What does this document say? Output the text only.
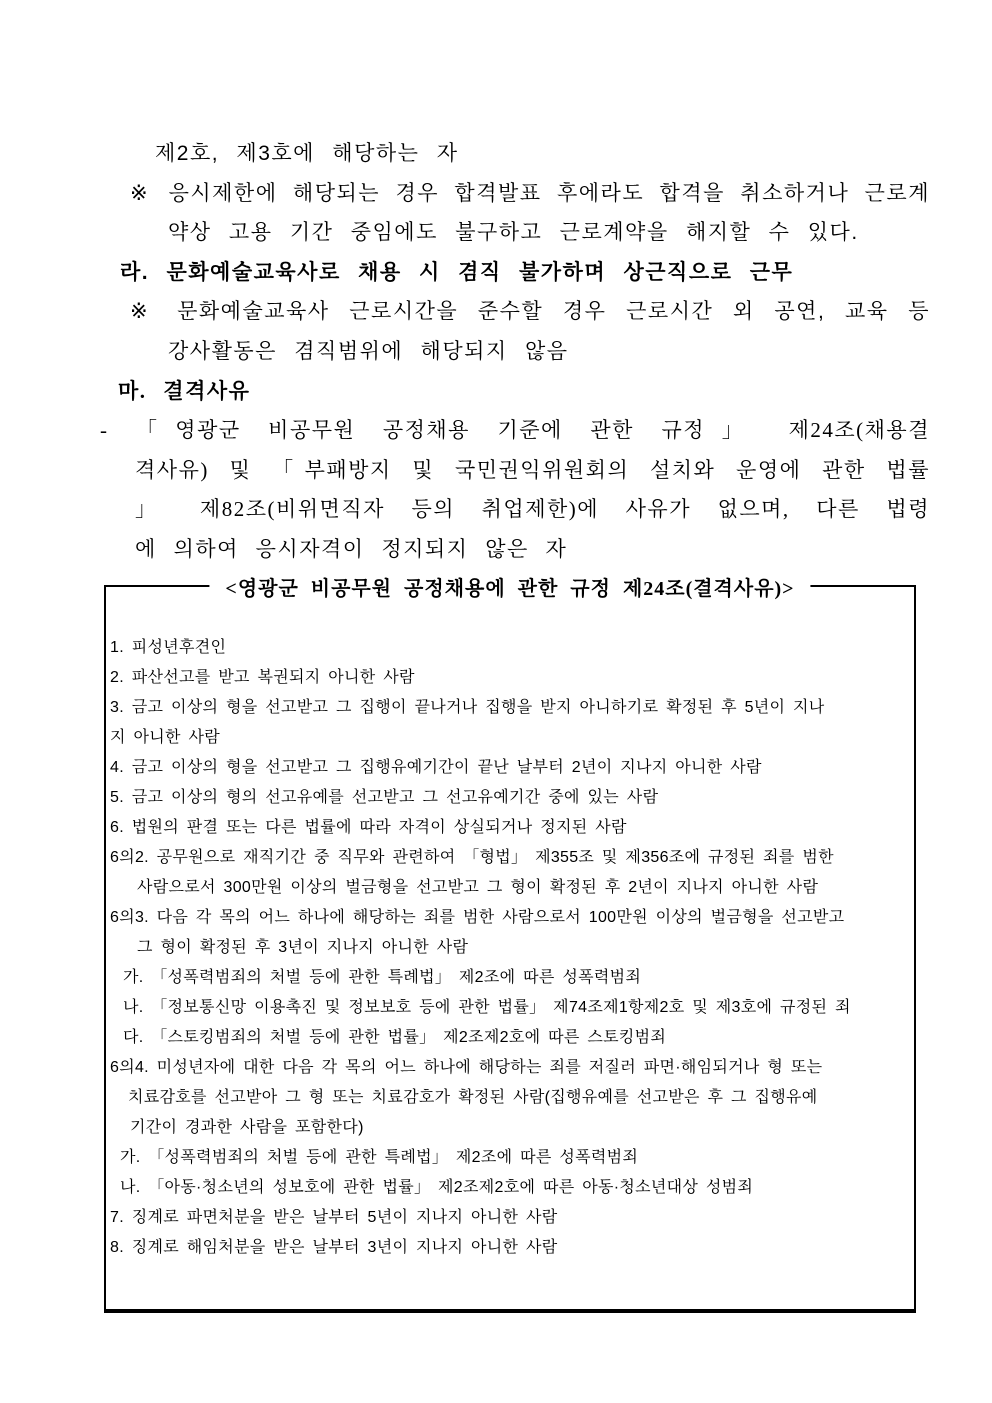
제2호, 제3호에 해당하는 자
※ 응시제한에 해당되는 경우 합격발표 후에라도 합격을 취소하거나 근로계
약상 고용 기간 중임에도 불구하고 근로계약을 해지할 수 있다.
라. 문화예술교육사로 채용 시 겸직 불가하며 상근직으로 근무
※ 문화예술교육사 근로시간을 준수할 경우 근로시간 외 공연, 교육 등
강사활동은 겸직범위에 해당되지 않음
마. 결격사유
- 「영광군 비공무원 공정채용 기준에 관한 규정」 제24조(채용결
격사유) 및 「부패방지 및 국민권익위원회의 설치와 운영에 관한 법률
」 제82조(비위면직자 등의 취업제한)에 사유가 없으며, 다른 법령
에 의하여 응시자격이 정지되지 않은 자
<영광군 비공무원 공정채용에 관한 규정 제24조(결격사유)>
1. 피성년후견인
2. 파산선고를 받고 복권되지 아니한 사람
3. 금고 이상의 형을 선고받고 그 집행이 끝나거나 집행을 받지 아니하기로 확정된 후 5년이 지나
지 아니한 사람
4. 금고 이상의 형을 선고받고 그 집행유예기간이 끝난 날부터 2년이 지나지 아니한 사람
5. 금고 이상의 형의 선고유예를 선고받고 그 선고유예기간 중에 있는 사람
6. 법원의 판결 또는 다른 법률에 따라 자격이 상실되거나 정지된 사람
6의2. 공무원으로 재직기간 중 직무와 관련하여 「형법」 제355조 및 제356조에 규정된 죄를 범한
사람으로서 300만원 이상의 벌금형을 선고받고 그 형이 확정된 후 2년이 지나지 아니한 사람
6의3. 다음 각 목의 어느 하나에 해당하는 죄를 범한 사람으로서 100만원 이상의 벌금형을 선고받고
그 형이 확정된 후 3년이 지나지 아니한 사람
가. 「성폭력범죄의 처벌 등에 관한 특례법」 제2조에 따른 성폭력범죄
나. 「정보통신망 이용촉진 및 정보보호 등에 관한 법률」 제74조제1항제2호 및 제3호에 규정된 죄
다. 「스토킹범죄의 처벌 등에 관한 법률」 제2조제2호에 따른 스토킹범죄
6의4. 미성년자에 대한 다음 각 목의 어느 하나에 해당하는 죄를 저질러 파면·해임되거나 형 또는
치료감호를 선고받아 그 형 또는 치료감호가 확정된 사람(집행유예를 선고받은 후 그 집행유예
기간이 경과한 사람을 포함한다)
가. 「성폭력범죄의 처벌 등에 관한 특례법」 제2조에 따른 성폭력범죄
나. 「아동·청소년의 성보호에 관한 법률」 제2조제2호에 따른 아동·청소년대상 성범죄
7. 징계로 파면처분을 받은 날부터 5년이 지나지 아니한 사람
8. 징계로 해임처분을 받은 날부터 3년이 지나지 아니한 사람
